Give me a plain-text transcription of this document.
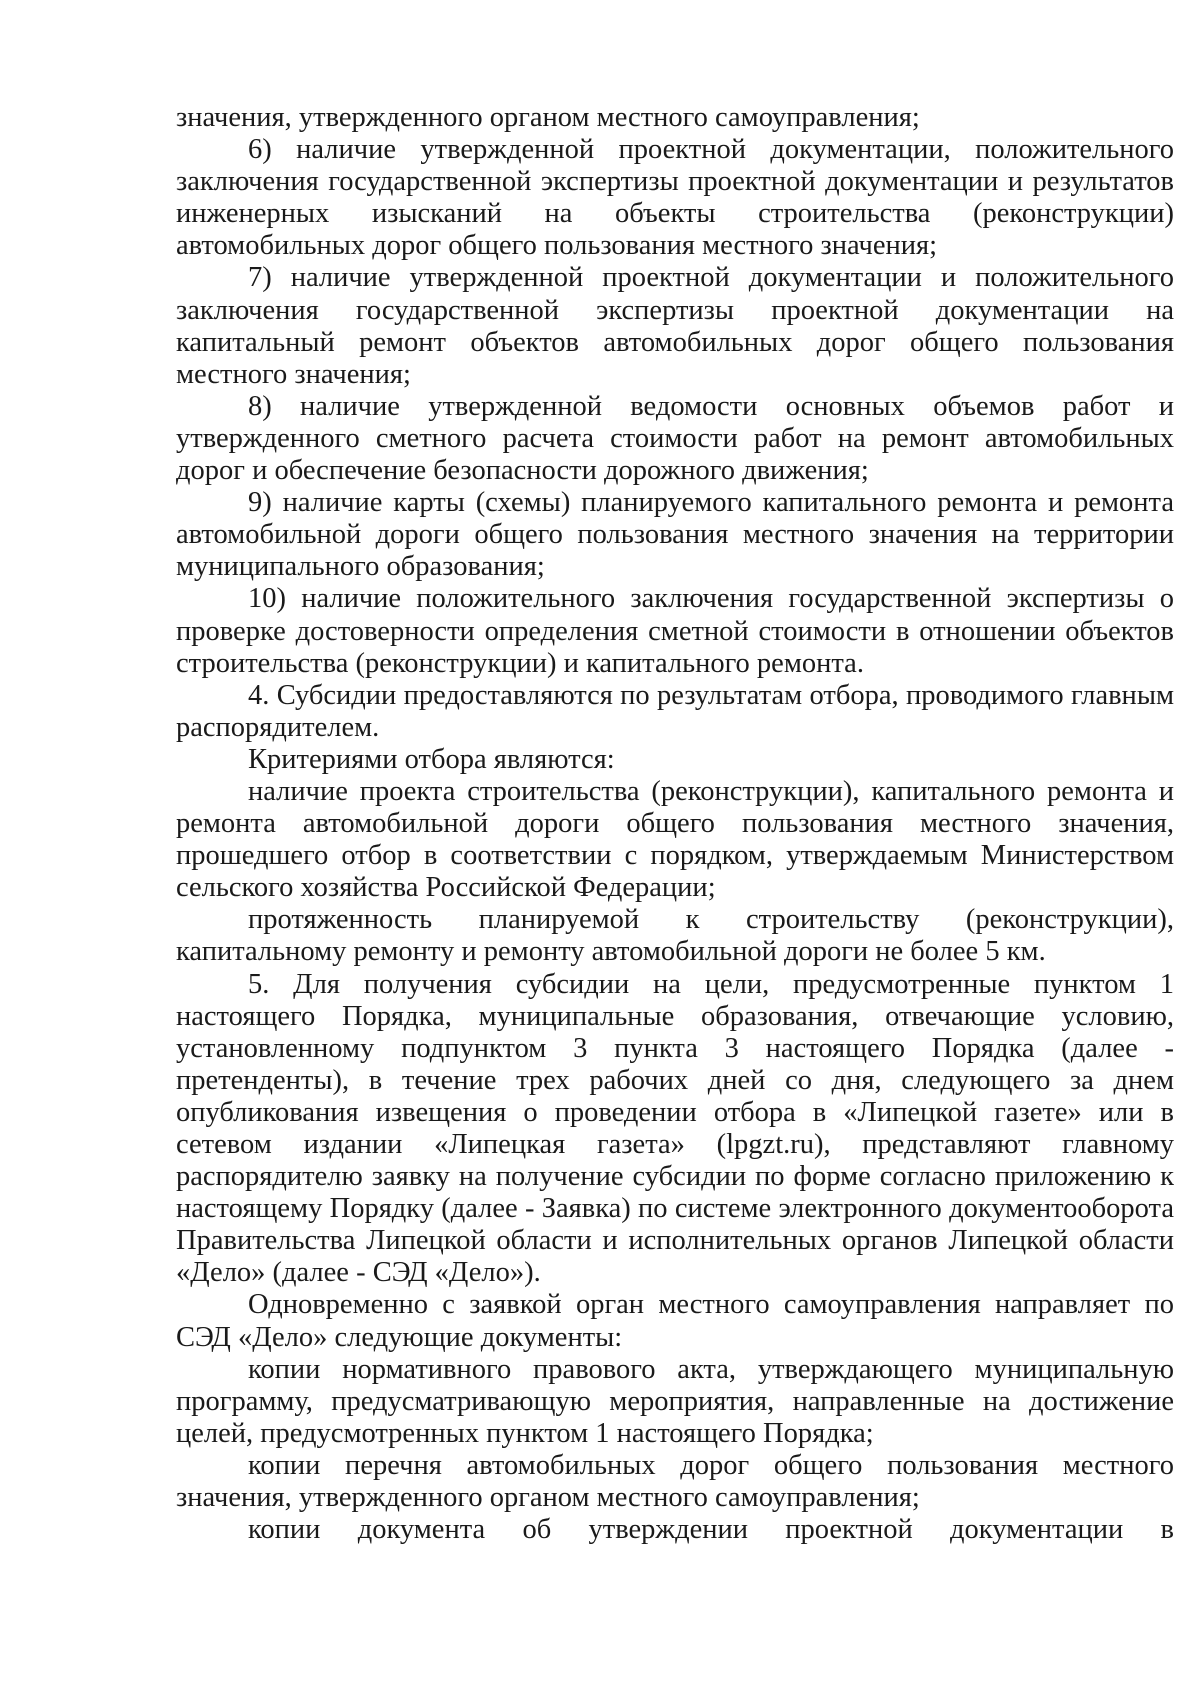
значения, утвержденного органом местного самоуправления;

6) наличие утвержденной проектной документации, положительного заключения государственной экспертизы проектной документации и результатов инженерных изысканий на объекты строительства (реконструкции) автомобильных дорог общего пользования местного значения;

7) наличие утвержденной проектной документации и положительного заключения государственной экспертизы проектной документации на капитальный ремонт объектов автомобильных дорог общего пользования местного значения;

8) наличие утвержденной ведомости основных объемов работ и утвержденного сметного расчета стоимости работ на ремонт автомобильных дорог и обеспечение безопасности дорожного движения;

9) наличие карты (схемы) планируемого капитального ремонта и ремонта автомобильной дороги общего пользования местного значения на территории муниципального образования;

10) наличие положительного заключения государственной экспертизы о проверке достоверности определения сметной стоимости в отношении объектов строительства (реконструкции) и капитального ремонта.

4. Субсидии предоставляются по результатам отбора, проводимого главным распорядителем.

Критериями отбора являются:

наличие проекта строительства (реконструкции), капитального ремонта и ремонта автомобильной дороги общего пользования местного значения, прошедшего отбор в соответствии с порядком, утверждаемым Министерством сельского хозяйства Российской Федерации;

протяженность планируемой к строительству (реконструкции), капитальному ремонту и ремонту автомобильной дороги не более 5 км.

5. Для получения субсидии на цели, предусмотренные пунктом 1 настоящего Порядка, муниципальные образования, отвечающие условию, установленному подпунктом 3 пункта 3 настоящего Порядка (далее - претенденты), в течение трех рабочих дней со дня, следующего за днем опубликования извещения о проведении отбора в «Липецкой газете» или в сетевом издании «Липецкая газета» (lpgzt.ru), представляют главному распорядителю заявку на получение субсидии по форме согласно приложению к настоящему Порядку (далее - Заявка) по системе электронного документооборота Правительства Липецкой области и исполнительных органов Липецкой области «Дело» (далее - СЭД «Дело»).

Одновременно с заявкой орган местного самоуправления направляет по СЭД «Дело» следующие документы:

копии нормативного правового акта, утверждающего муниципальную программу, предусматривающую мероприятия, направленные на достижение целей, предусмотренных пунктом 1 настоящего Порядка;

копии перечня автомобильных дорог общего пользования местного значения, утвержденного органом местного самоуправления;

копии документа об утверждении проектной документации в
